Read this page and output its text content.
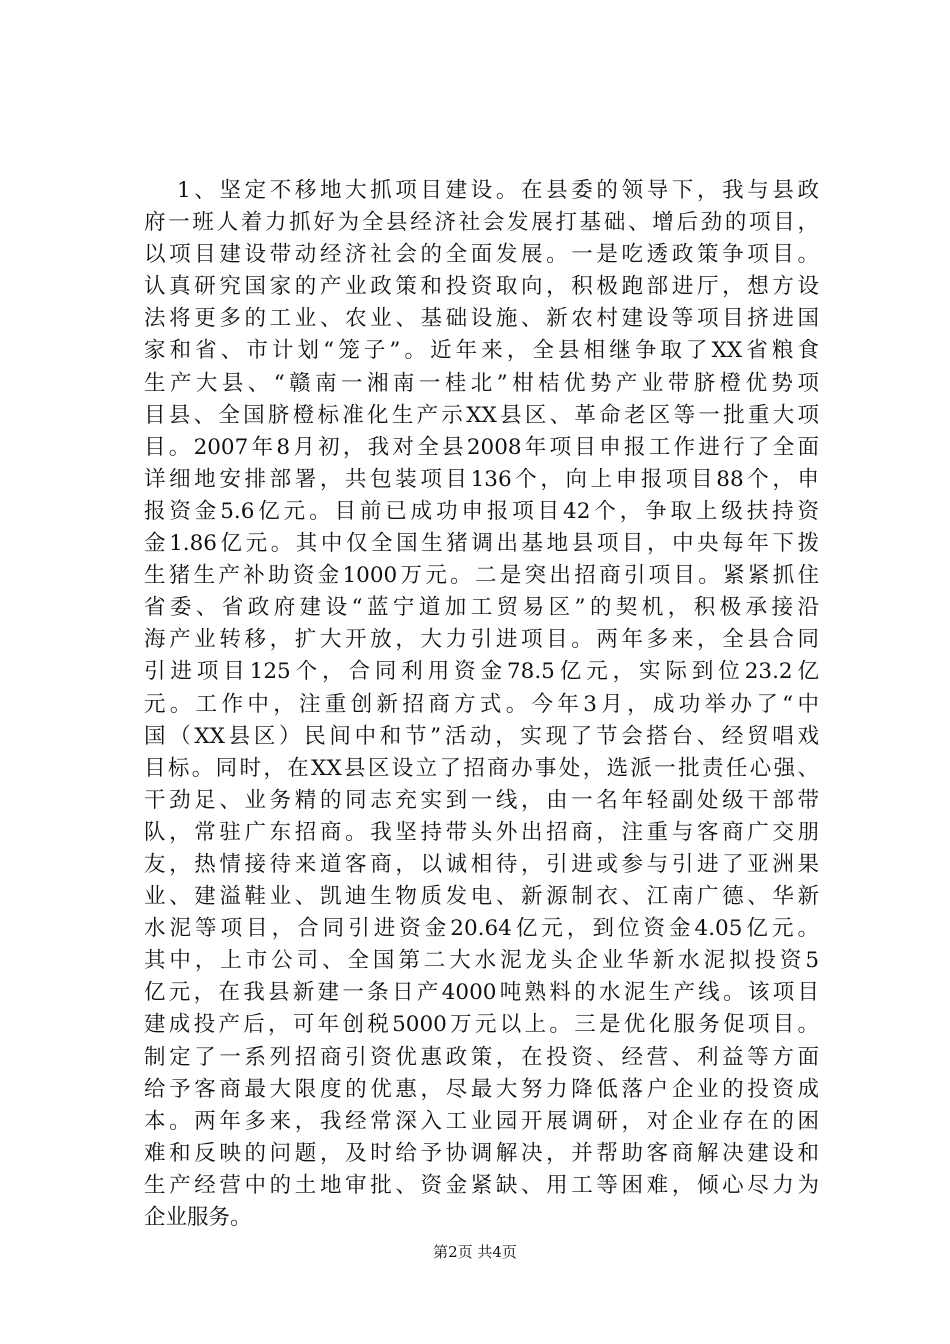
1、坚定不移地大抓项目建设。在县委的领导下，我与县政
府一班人着力抓好为全县经济社会发展打基础、增后劲的项目，
以项目建设带动经济社会的全面发展。一是吃透政策争项目。
认真研究国家的产业政策和投资取向，积极跑部进厅，想方设
法将更多的工业、农业、基础设施、新农村建设等项目挤进国
家和省、市计划“笼子”。近年来，全县相继争取了XX省粮食
生产大县、“赣南一湘南一桂北”柑桔优势产业带脐橙优势项
目县、全国脐橙标准化生产示XX县区、革命老区等一批重大项
目。2007年8月初，我对全县2008年项目申报工作进行了全面
详细地安排部署，共包装项目136个，向上申报项目88个，申
报资金5.6亿元。目前已成功申报项目42个，争取上级扶持资
金1.86亿元。其中仅全国生猪调出基地县项目，中央每年下拨
生猪生产补助资金1000万元。二是突出招商引项目。紧紧抓住
省委、省政府建设“蓝宁道加工贸易区”的契机，积极承接沿
海产业转移，扩大开放，大力引进项目。两年多来，全县合同
引进项目125个，合同利用资金78.5亿元，实际到位23.2亿
元。工作中，注重创新招商方式。今年3月，成功举办了“中
国（XX县区）民间中和节”活动，实现了节会搭台、经贸唱戏
目标。同时，在XX县区设立了招商办事处，选派一批责任心强、
干劲足、业务精的同志充实到一线，由一名年轻副处级干部带
队，常驻广东招商。我坚持带头外出招商，注重与客商广交朋
友，热情接待来道客商，以诚相待，引进或参与引进了亚洲果
业、建溢鞋业、凯迪生物质发电、新源制衣、江南广德、华新
水泥等项目，合同引进资金20.64亿元，到位资金4.05亿元。
其中，上市公司、全国第二大水泥龙头企业华新水泥拟投资5
亿元，在我县新建一条日产4000吨熟料的水泥生产线。该项目
建成投产后，可年创税5000万元以上。三是优化服务促项目。
制定了一系列招商引资优惠政策，在投资、经营、利益等方面
给予客商最大限度的优惠，尽最大努力降低落户企业的投资成
本。两年多来，我经常深入工业园开展调研，对企业存在的困
难和反映的问题，及时给予协调解决，并帮助客商解决建设和
生产经营中的土地审批、资金紧缺、用工等困难，倾心尽力为
企业服务。
第2页 共4页
